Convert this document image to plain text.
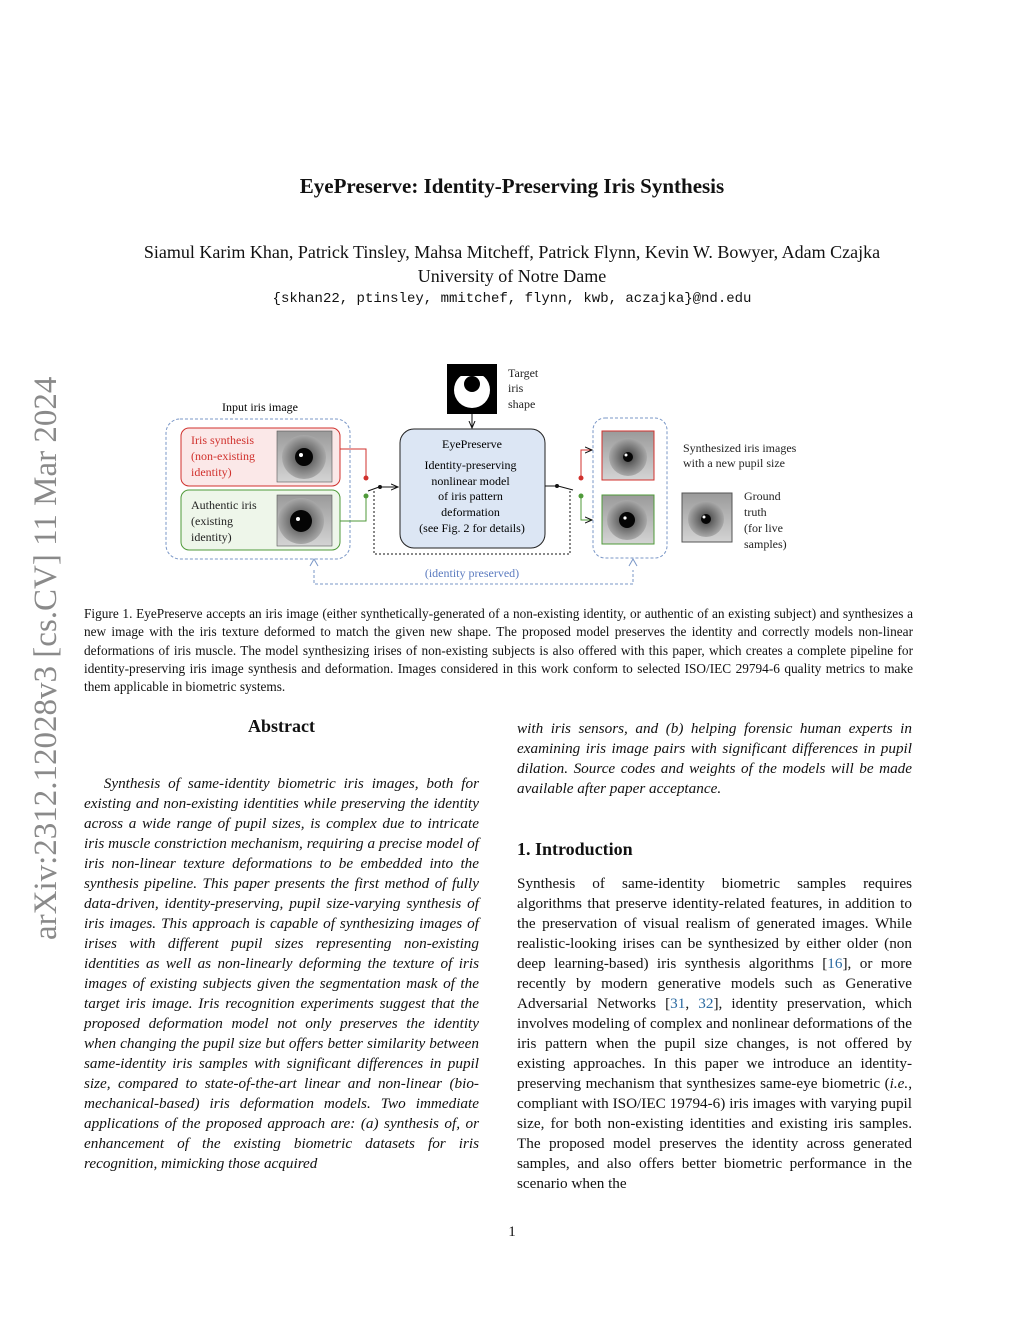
arXiv:2312.12028v3 [cs.CV] 11 Mar 2024
EyePreserve: Identity-Preserving Iris Synthesis
Siamul Karim Khan, Patrick Tinsley, Mahsa Mitcheff, Patrick Flynn, Kevin W. Bowyer, Adam Czajka
University of Notre Dame
{skhan22, ptinsley, mmitchef, flynn, kwb, aczajka}@nd.edu
Input iris image
Iris synthesis (non-existing identity)
Authentic iris (existing identity)
Target iris shape
EyePreserve
Identity-preserving nonlinear model of iris pattern deformation (see Fig. 2 for details)
Synthesized iris images with a new pupil size
Ground truth (for live samples)
(identity preserved)
Figure 1. EyePreserve accepts an iris image (either synthetically-generated of a non-existing identity, or authentic of an existing subject) and synthesizes a new image with the iris texture deformed to match the given new shape. The proposed model preserves the identity and correctly models non-linear deformations of iris muscle. The model synthesizing irises of non-existing subjects is also offered with this paper, which creates a complete pipeline for identity-preserving iris image synthesis and deformation. Images considered in this work conform to selected ISO/IEC 29794-6 quality metrics to make them applicable in biometric systems.
Abstract
Synthesis of same-identity biometric iris images, both for existing and non-existing identities while preserving the identity across a wide range of pupil sizes, is complex due to intricate iris muscle constriction mechanism, requiring a precise model of iris non-linear texture deformations to be embedded into the synthesis pipeline. This paper presents the first method of fully data-driven, identity-preserving, pupil size-varying synthesis of iris images. This approach is capable of synthesizing images of irises with different pupil sizes representing non-existing identities as well as non-linearly deforming the texture of iris images of existing subjects given the segmentation mask of the target iris image. Iris recognition experiments suggest that the proposed deformation model not only preserves the identity when changing the pupil size but offers better similarity between same-identity iris samples with significant differences in pupil size, compared to state-of-the-art linear and non-linear (bio-mechanical-based) iris deformation models. Two immediate applications of the proposed approach are: (a) synthesis of, or enhancement of the existing biometric datasets for iris recognition, mimicking those acquired
with iris sensors, and (b) helping forensic human experts in examining iris image pairs with significant differences in pupil dilation. Source codes and weights of the models will be made available after paper acceptance.
1. Introduction
Synthesis of same-identity biometric samples requires algorithms that preserve identity-related features, in addition to the preservation of visual realism of generated images. While realistic-looking irises can be synthesized by either older (non deep learning-based) iris synthesis algorithms [16], or more recently by modern generative models such as Generative Adversarial Networks [31, 32], identity preservation, which involves modeling of complex and nonlinear deformations of the iris pattern when the pupil size changes, is not offered by existing approaches. In this paper we introduce an identity-preserving mechanism that synthesizes same-eye biometric (i.e., compliant with ISO/IEC 19794-6) iris images with varying pupil size, for both non-existing identities and existing iris samples. The proposed model preserves the identity across generated samples, and also offers better biometric performance in the scenario when the
1
